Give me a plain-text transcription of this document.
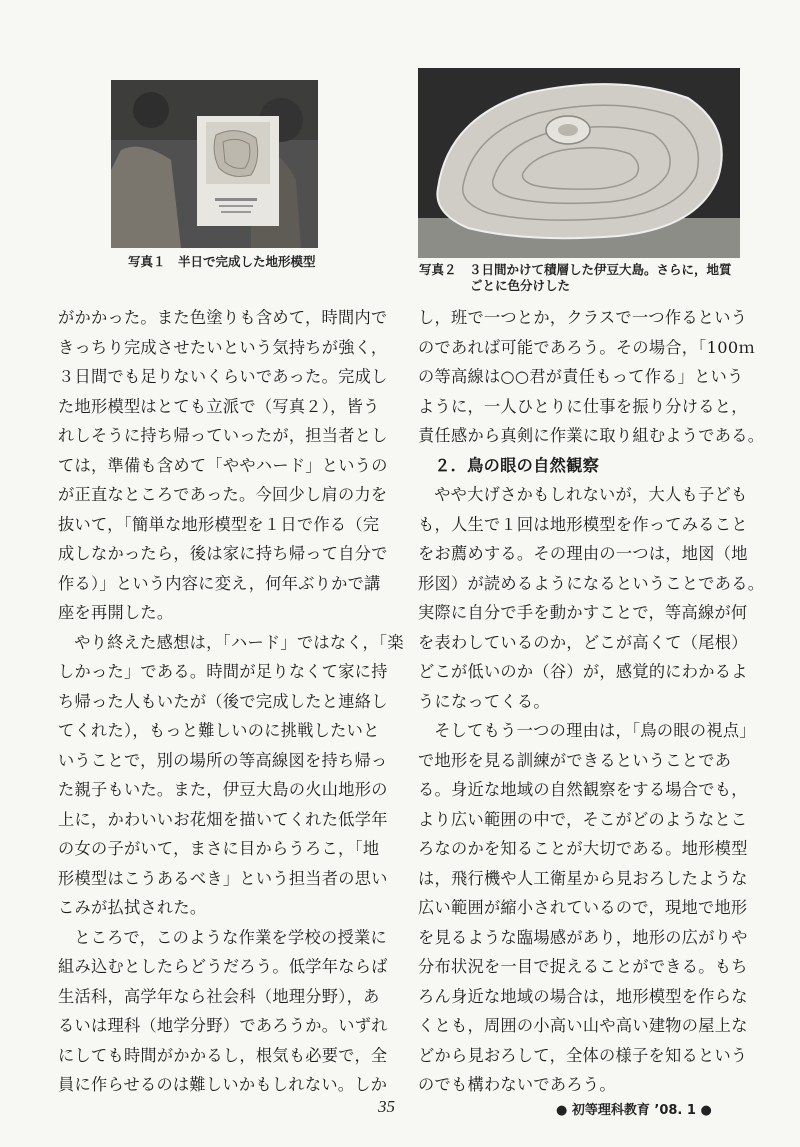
写真１　半日で完成した地形模型
写真２　３日間かけて積層した伊豆大島。さらに，地質
ごとに色分けした
がかかった。また色塗りも含めて，時間内で
きっちり完成させたいという気持ちが強く，
３日間でも足りないくらいであった。完成し
た地形模型はとても立派で（写真２），皆う
れしそうに持ち帰っていったが，担当者とし
ては，準備も含めて「ややハード」というの
が正直なところであった。今回少し肩の力を
抜いて，「簡単な地形模型を１日で作る（完
成しなかったら，後は家に持ち帰って自分で
作る）」という内容に変え，何年ぶりかで講
座を再開した。
やり終えた感想は，「ハード」ではなく，「楽
しかった」である。時間が足りなくて家に持
ち帰った人もいたが（後で完成したと連絡し
てくれた），もっと難しいのに挑戦したいと
いうことで，別の場所の等高線図を持ち帰っ
た親子もいた。また，伊豆大島の火山地形の
上に，かわいいお花畑を描いてくれた低学年
の女の子がいて，まさに目からうろこ，「地
形模型はこうあるべき」という担当者の思い
こみが払拭された。
ところで，このような作業を学校の授業に
組み込むとしたらどうだろう。低学年ならば
生活科，高学年なら社会科（地理分野），あ
るいは理科（地学分野）であろうか。いずれ
にしても時間がかかるし，根気も必要で，全
員に作らせるのは難しいかもしれない。しか
し，班で一つとか，クラスで一つ作るという
のであれば可能であろう。その場合，「100ｍ
の等高線は○○君が責任もって作る」という
ように，一人ひとりに仕事を振り分けると，
責任感から真剣に作業に取り組むようである。
２．鳥の眼の自然観察
やや大げさかもしれないが，大人も子ども
も，人生で１回は地形模型を作ってみること
をお薦めする。その理由の一つは，地図（地
形図）が読めるようになるということである。
実際に自分で手を動かすことで，等高線が何
を表わしているのか，どこが高くて（尾根）
どこが低いのか（谷）が，感覚的にわかるよ
うになってくる。
そしてもう一つの理由は，「鳥の眼の視点」
で地形を見る訓練ができるということであ
る。身近な地域の自然観察をする場合でも，
より広い範囲の中で，そこがどのようなとこ
ろなのかを知ることが大切である。地形模型
は，飛行機や人工衛星から見おろしたような
広い範囲が縮小されているので，現地で地形
を見るような臨場感があり，地形の広がりや
分布状況を一目で捉えることができる。もち
ろん身近な地域の場合は，地形模型を作らな
くとも，周囲の小高い山や高い建物の屋上な
どから見おろして，全体の様子を知るという
のでも構わないであろう。
35	● 初等理科教育 ’08. 1 ●
